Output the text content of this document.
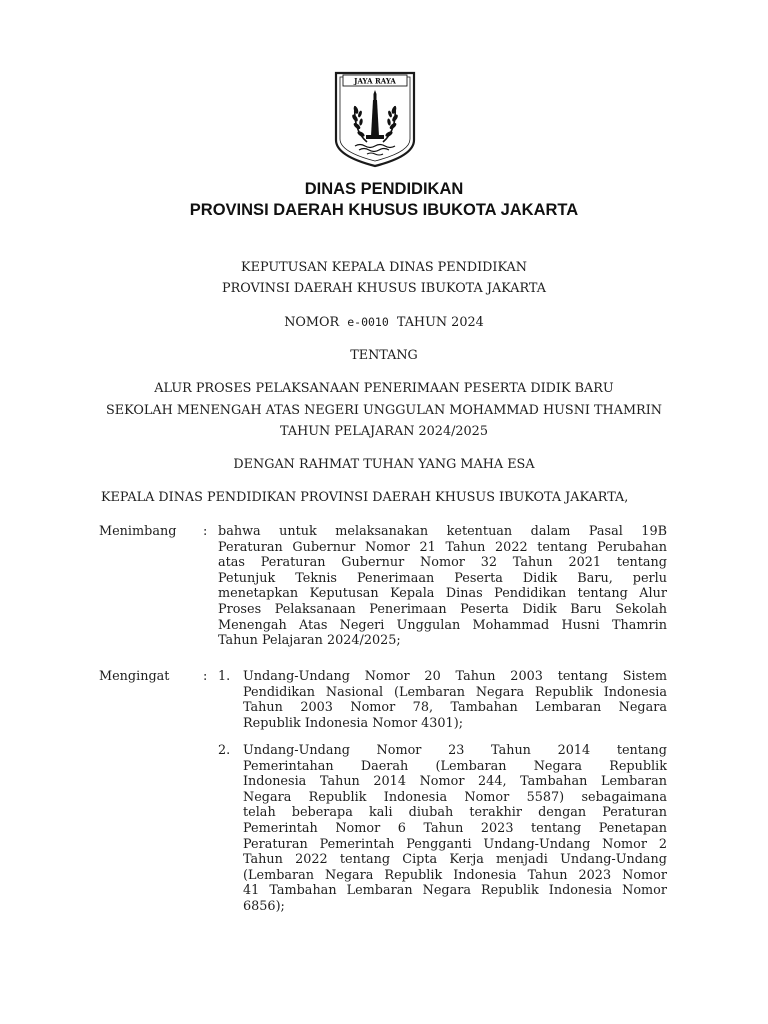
JAYA RAYA
DINAS PENDIDIKAN
PROVINSI DAERAH KHUSUS IBUKOTA JAKARTA
KEPUTUSAN KEPALA DINAS PENDIDIKAN
PROVINSI DAERAH KHUSUS IBUKOTA JAKARTA
NOMOR e-0010 TAHUN 2024
TENTANG
ALUR PROSES PELAKSANAAN PENERIMAAN PESERTA DIDIK BARU
SEKOLAH MENENGAH ATAS NEGERI UNGGULAN MOHAMMAD HUSNI THAMRIN
TAHUN PELAJARAN 2024/2025
DENGAN RAHMAT TUHAN YANG MAHA ESA
KEPALA DINAS PENDIDIKAN PROVINSI DAERAH KHUSUS IBUKOTA JAKARTA,
Menimbang : bahwa untuk melaksanakan ketentuan dalam Pasal 19B
Peraturan Gubernur Nomor 21 Tahun 2022 tentang Perubahan
atas Peraturan Gubernur Nomor 32 Tahun 2021 tentang
Petunjuk Teknis Penerimaan Peserta Didik Baru, perlu
menetapkan Keputusan Kepala Dinas Pendidikan tentang Alur
Proses Pelaksanaan Penerimaan Peserta Didik Baru Sekolah
Menengah Atas Negeri Unggulan Mohammad Husni Thamrin
Tahun Pelajaran 2024/2025;
Mengingat	: 1. Undang-Undang Nomor 20 Tahun 2003 tentang Sistem
Pendidikan Nasional (Lembaran Negara Republik Indonesia
Tahun 2003 Nomor 78, Tambahan Lembaran Negara
Republik Indonesia Nomor 4301);
2. Undang-Undang Nomor 23 Tahun 2014 tentang
Pemerintahan Daerah (Lembaran Negara Republik
Indonesia Tahun 2014 Nomor 244, Tambahan Lembaran
Negara Republik Indonesia Nomor 5587) sebagaimana
telah beberapa kali diubah terakhir dengan Peraturan
Pemerintah Nomor 6 Tahun 2023 tentang Penetapan
Peraturan Pemerintah Pengganti Undang-Undang Nomor 2
Tahun 2022 tentang Cipta Kerja menjadi Undang-Undang
(Lembaran Negara Republik Indonesia Tahun 2023 Nomor
41 Tambahan Lembaran Negara Republik Indonesia Nomor
6856);
